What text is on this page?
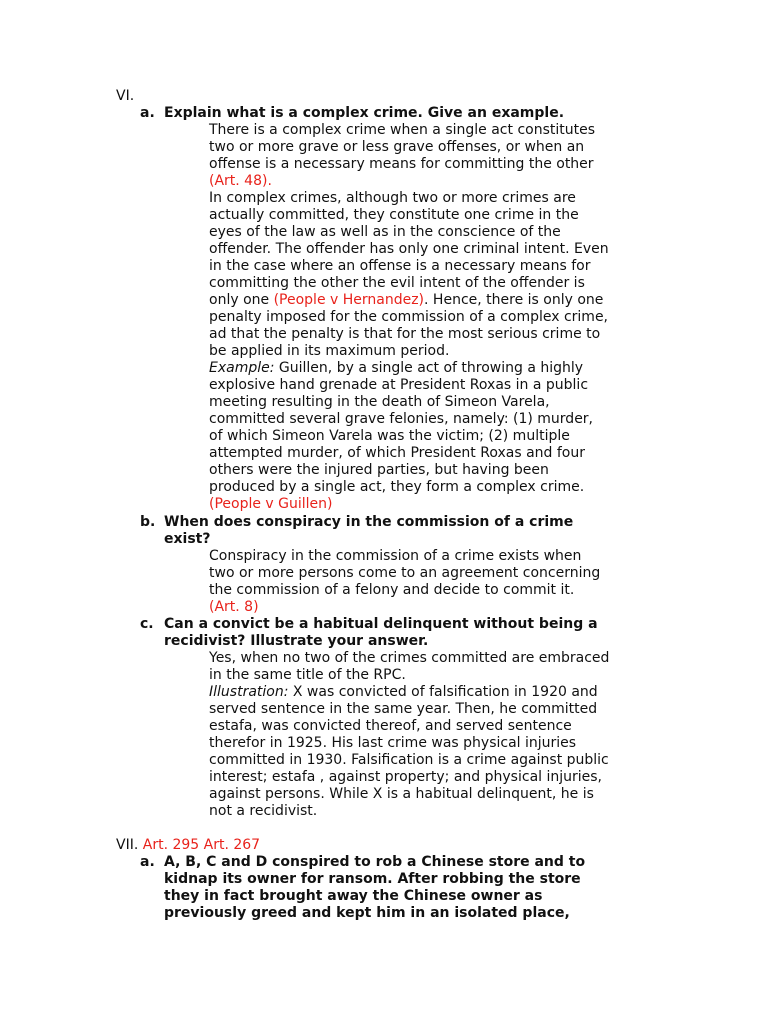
VI.
a. Explain what is a complex crime. Give an example.
There is a complex crime when a single act constitutes
two or more grave or less grave offenses, or when an
offense is a necessary means for committing the other
(Art. 48).
In complex crimes, although two or more crimes are
actually committed, they constitute one crime in the
eyes of the law as well as in the conscience of the
offender. The offender has only one criminal intent. Even
in the case where an offense is a necessary means for
committing the other the evil intent of the offender is
only one (People v Hernandez). Hence, there is only one
penalty imposed for the commission of a complex crime,
ad that the penalty is that for the most serious crime to
be applied in its maximum period.
Example: Guillen, by a single act of throwing a highly
explosive hand grenade at President Roxas in a public
meeting resulting in the death of Simeon Varela,
committed several grave felonies, namely: (1) murder,
of which Simeon Varela was the victim; (2) multiple
attempted murder, of which President Roxas and four
others were the injured parties, but having been
produced by a single act, they form a complex crime.
(People v Guillen)
b. When does conspiracy in the commission of a crime
exist?
Conspiracy in the commission of a crime exists when
two or more persons come to an agreement concerning
the commission of a felony and decide to commit it.
(Art. 8)
c. Can a convict be a habitual delinquent without being a
recidivist? Illustrate your answer.
Yes, when no two of the crimes committed are embraced
in the same title of the RPC.
Illustration: X was convicted of falsification in 1920 and
served sentence in the same year. Then, he committed
estafa, was convicted thereof, and served sentence
therefor in 1925. His last crime was physical injuries
committed in 1930. Falsification is a crime against public
interest; estafa , against property; and physical injuries,
against persons. While X is a habitual delinquent, he is
not a recidivist.
VII. Art. 295 Art. 267
a. A, B, C and D conspired to rob a Chinese store and to
kidnap its owner for ransom. After robbing the store
they in fact brought away the Chinese owner as
previously greed and kept him in an isolated place,
